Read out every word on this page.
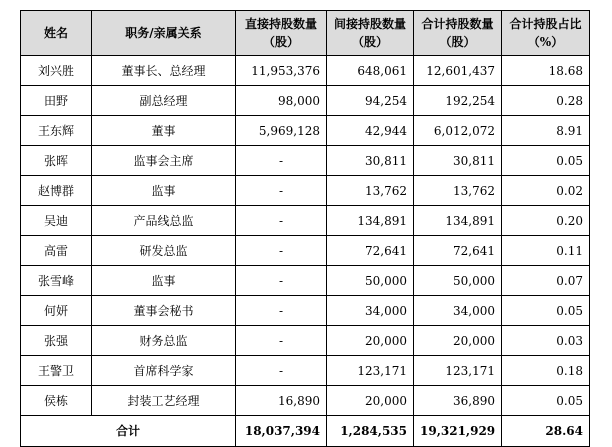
姓名	职务/亲属关系	直接持股数量（股）	间接持股数量（股）	合计持股数量（股）	合计持股占比（%）
刘兴胜	董事长、总经理	11,953,376	648,061	12,601,437	18.68
田野	副总经理	98,000	94,254	192,254	0.28
王东辉	董事	5,969,128	42,944	6,012,072	8.91
张晖	监事会主席	-	30,811	30,811	0.05
赵博群	监事	-	13,762	13,762	0.02
吴迪	产品线总监	-	134,891	134,891	0.20
高雷	研发总监	-	72,641	72,641	0.11
张雪峰	监事	-	50,000	50,000	0.07
何妍	董事会秘书	-	34,000	34,000	0.05
张强	财务总监	-	20,000	20,000	0.03
王警卫	首席科学家	-	123,171	123,171	0.18
侯栋	封装工艺经理	16,890	20,000	36,890	0.05
合计		18,037,394	1,284,535	19,321,929	28.64
